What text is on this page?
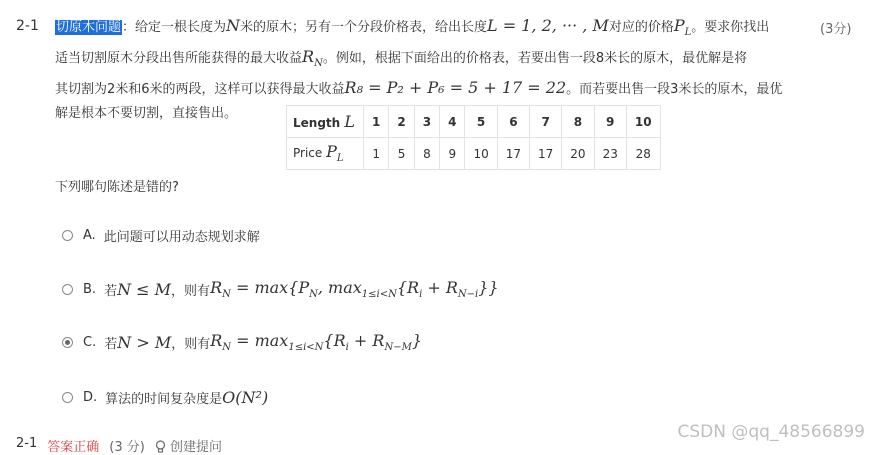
2-1	(3分)
切原木问题：给定一根长度为N米的原木；另有一个分段价格表，给出长度L = 1, 2, ··· , M对应的价格$P_L$。要求你找出
适当切割原木分段出售所能获得的最大收益$R_N$。例如，根据下面给出的价格表，若要出售一段8米长的原木，最优解是将
其切割为2米和6米的两段，这样可以获得最大收益R₈ = P₂ + P₆ = 5 + 17 = 22。而若要出售一段3米长的原木，最优
解是根本不要切割，直接售出。
Length L	1	2	3	4	5	6	7	8	9	10
Price $P_L$	1	5	8	9	10	17	17	20	23	28
下列哪句陈述是错的?
A. 此问题可以用动态规划求解
B. 若 N ≤ M ，则有 $R_N = \max\{P_N$, $\max_{1\le i<N}\{R_i + R_{N-i}\}$}
C. 若 N > M ，则有 $R_N = \max_{1\le i<N}\{R_i + R_{N-M}\}$
D. 算法的时间复杂度是 O(N²)
2-1 答案正确 (3 分)	创建提问
CSDN @qq_48566899
